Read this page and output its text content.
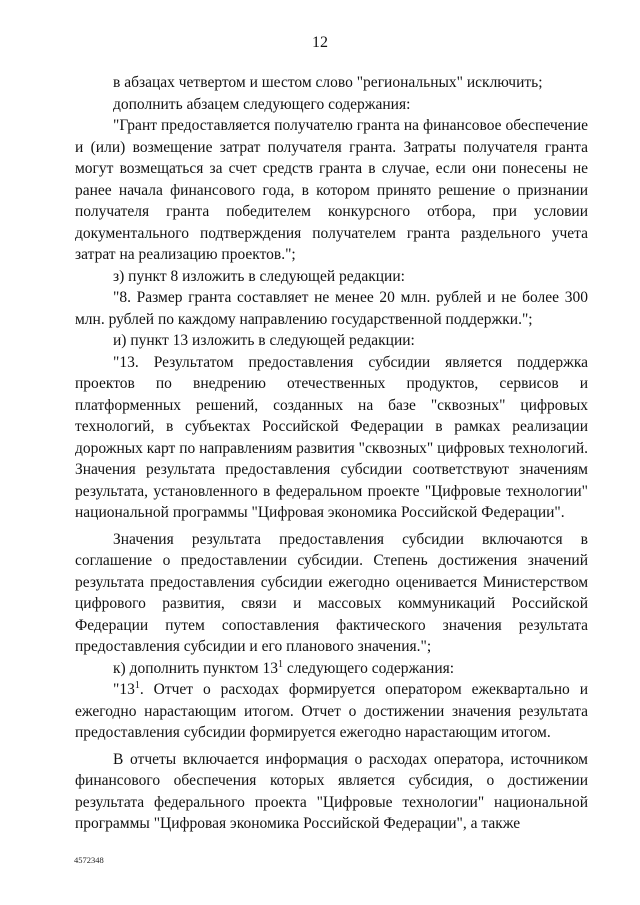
12

в абзацах четвертом и шестом слово "региональных" исключить;

дополнить абзацем следующего содержания:

"Грант предоставляется получателю гранта на финансовое обеспечение и (или) возмещение затрат получателя гранта. Затраты получателя гранта могут возмещаться за счет средств гранта в случае, если они понесены не ранее начала финансового года, в котором принято решение о признании получателя гранта победителем конкурсного отбора, при условии документального подтверждения получателем гранта раздельного учета затрат на реализацию проектов.";

з) пункт 8 изложить в следующей редакции:

"8. Размер гранта составляет не менее 20 млн. рублей и не более 300 млн. рублей по каждому направлению государственной поддержки.";

и) пункт 13 изложить в следующей редакции:

"13. Результатом предоставления субсидии является поддержка проектов по внедрению отечественных продуктов, сервисов и платформенных решений, созданных на базе "сквозных" цифровых технологий, в субъектах Российской Федерации в рамках реализации дорожных карт по направлениям развития "сквозных" цифровых технологий. Значения результата предоставления субсидии соответствуют значениям результата, установленного в федеральном проекте "Цифровые технологии" национальной программы "Цифровая экономика Российской Федерации".

Значения результата предоставления субсидии включаются в соглашение о предоставлении субсидии. Степень достижения значений результата предоставления субсидии ежегодно оценивается Министерством цифрового развития, связи и массовых коммуникаций Российской Федерации путем сопоставления фактического значения результата предоставления субсидии и его планового значения.";

к) дополнить пунктом $13^1$ следующего содержания:

"$13^1$. Отчет о расходах формируется оператором ежеквартально и ежегодно нарастающим итогом. Отчет о достижении значения результата предоставления субсидии формируется ежегодно нарастающим итогом.

В отчеты включается информация о расходах оператора, источником финансового обеспечения которых является субсидия, о достижении результата федерального проекта "Цифровые технологии" национальной программы "Цифровая экономика Российской Федерации", а также

4572348
